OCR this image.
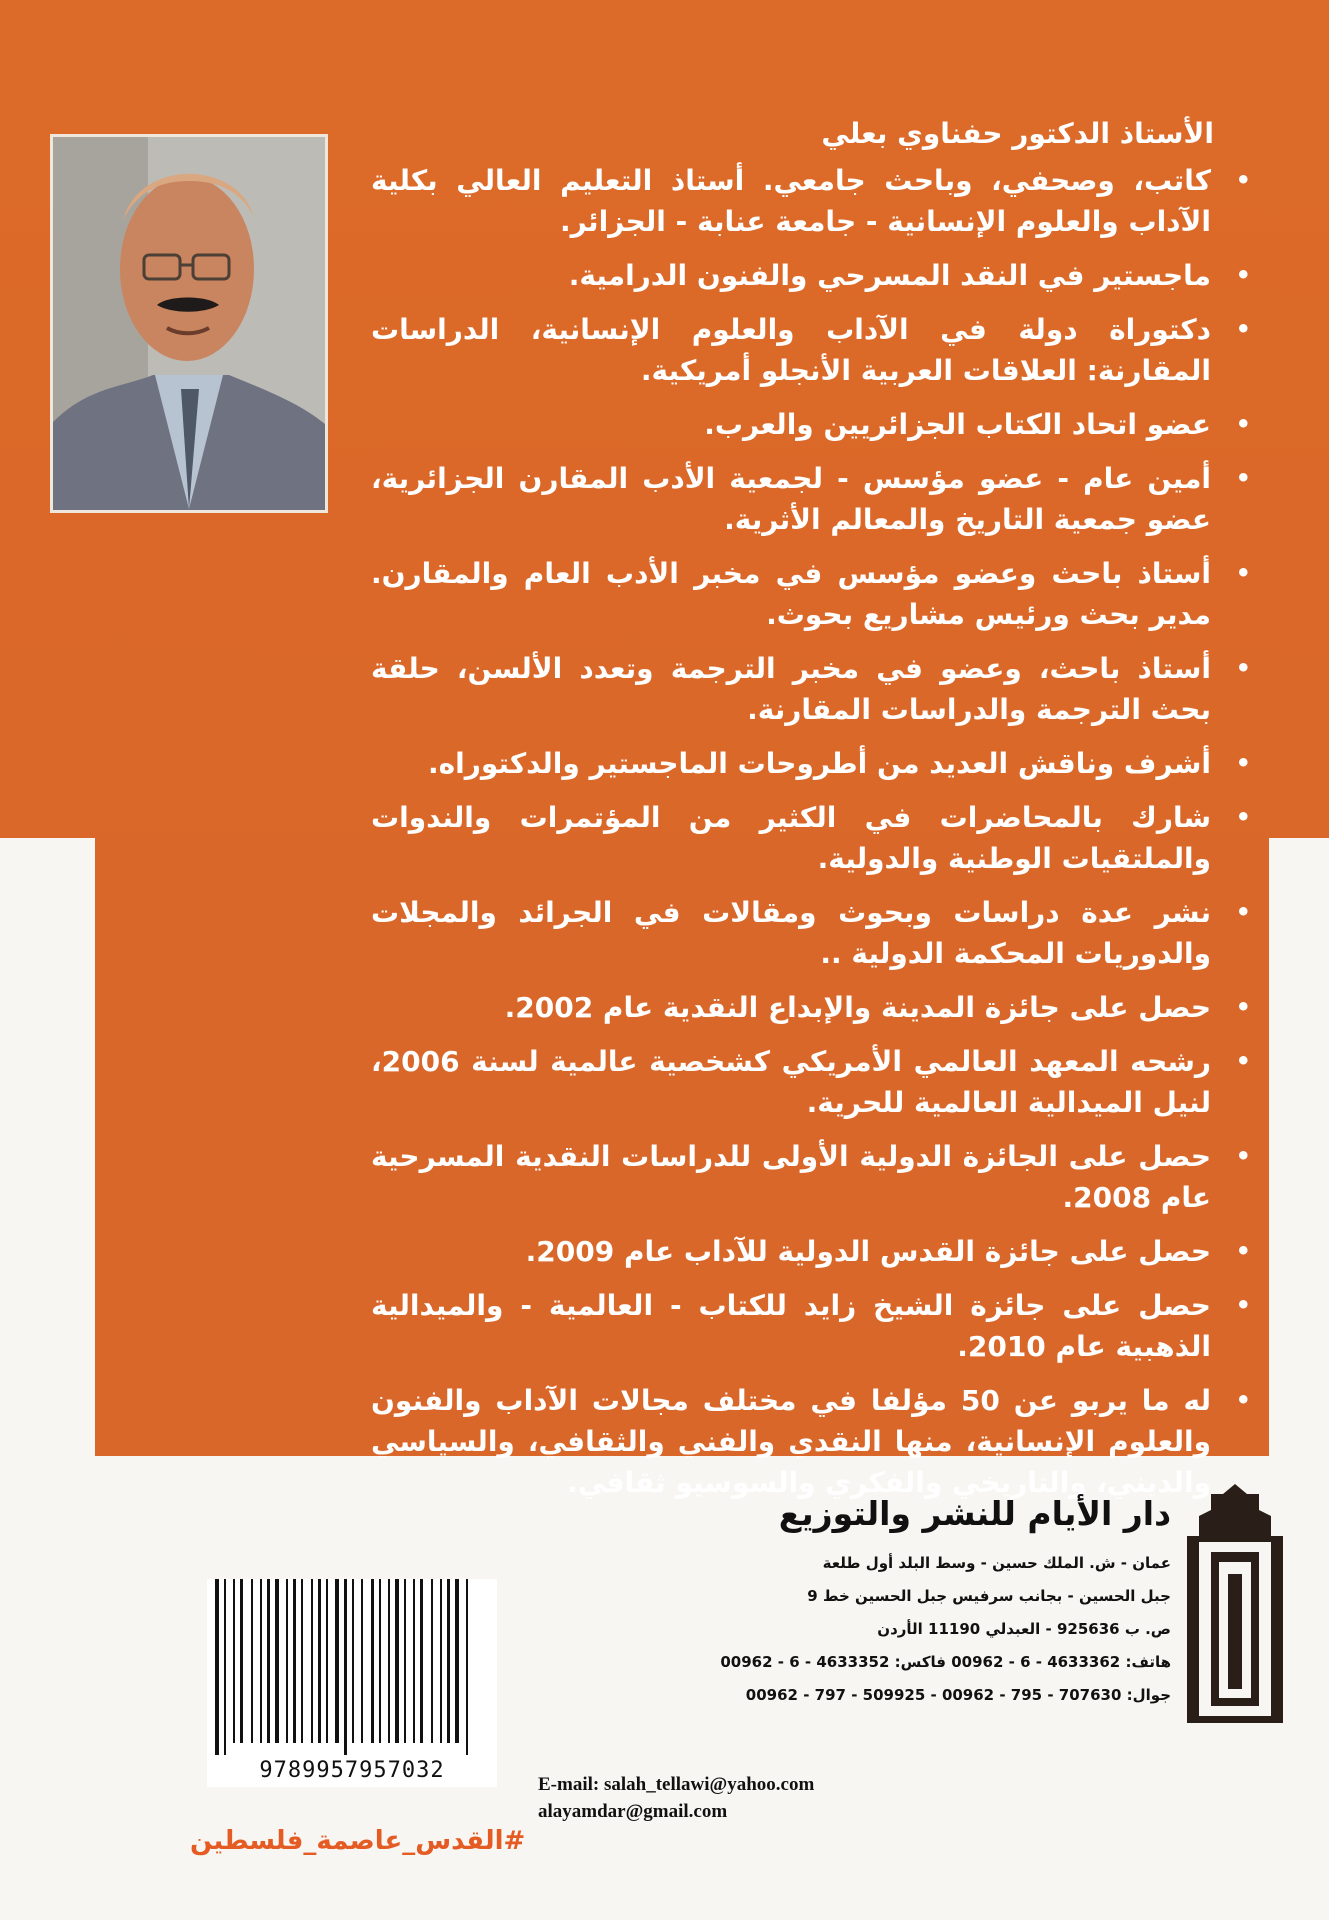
الأستاذ الدكتور حفناوي بعلي
• كاتب، وصحفي، وباحث جامعي. أستاذ التعليم العالي بكلية الآداب والعلوم الإنسانية - جامعة عنابة - الجزائر.
• ماجستير في النقد المسرحي والفنون الدرامية.
• دكتوراة دولة في الآداب والعلوم الإنسانية، الدراسات المقارنة: العلاقات العربية الأنجلو أمريكية.
• عضو اتحاد الكتاب الجزائريين والعرب.
• أمين عام - عضو مؤسس - لجمعية الأدب المقارن الجزائرية، عضو جمعية التاريخ والمعالم الأثرية.
• أستاذ باحث وعضو مؤسس في مخبر الأدب العام والمقارن. مدير بحث ورئيس مشاريع بحوث.
• أستاذ باحث، وعضو في مخبر الترجمة وتعدد الألسن، حلقة بحث الترجمة والدراسات المقارنة.
• أشرف وناقش العديد من أطروحات الماجستير والدكتوراه.
• شارك بالمحاضرات في الكثير من المؤتمرات والندوات والملتقيات الوطنية والدولية.
• نشر عدة دراسات وبحوث ومقالات في الجرائد والمجلات والدوريات المحكمة الدولية ..
• حصل على جائزة المدينة والإبداع النقدية عام 2002.
• رشحه المعهد العالمي الأمريكي كشخصية عالمية لسنة 2006، لنيل الميدالية العالمية للحرية.
• حصل على الجائزة الدولية الأولى للدراسات النقدية المسرحية عام 2008.
• حصل على جائزة القدس الدولية للآداب عام 2009.
• حصل على جائزة الشيخ زايد للكتاب - العالمية - والميدالية الذهبية عام 2010.
• له ما يربو عن 50 مؤلفا في مختلف مجالات الآداب والفنون والعلوم الإنسانية، منها النقدي والفني والثقافي، والسياسي والديني، والتاريخي والفكري والسوسيو ثقافي.
دار الأيام للنشر والتوزيع
عمان - ش. الملك حسين - وسط البلد أول طلعة
جبل الحسين - بجانب سرفيس جبل الحسين خط 9
ص. ب 925636 - العبدلي 11190 الأردن
هاتف: 4633362 - 6 - 00962 فاكس: 4633352 - 6 - 00962
جوال: 707630 - 795 - 00962 - 509925 - 797 - 00962
E-mail: salah_tellawi@yahoo.com
alayamdar@gmail.com
9789957957032
#القدس_عاصمة_فلسطين
